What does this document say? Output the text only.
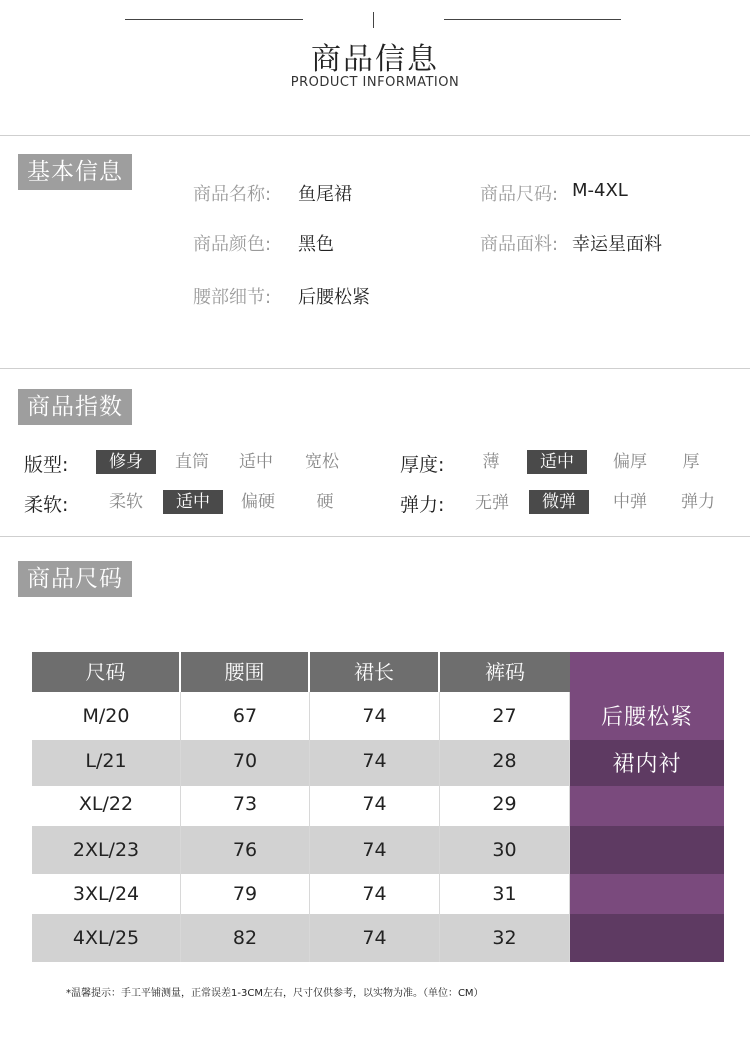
商品信息
PRODUCT INFORMATION
基本信息
商品名称: 鱼尾裙	商品尺码: M-4XL
商品颜色: 黑色	商品面料: 幸运星面料
腰部细节: 后腰松紧
商品指数
版型:	修身	直筒	适中	宽松	厚度:	薄	适中	偏厚	厚
柔软:	柔软	适中	偏硬	硬	弹力:	无弹	微弹	中弹	弹力
商品尺码
尺码	腰围	裙长	裤码
M/20	67	74	27
L/21	70	74	28
XL/22	73	74	29
2XL/23	76	74	30
3XL/24	79	74	31
4XL/25	82	74	32
后腰松紧
裙内衬
*温馨提示：手工平铺测量，正常误差1-3CM左右，尺寸仅供参考，以实物为准。（单位：CM）
